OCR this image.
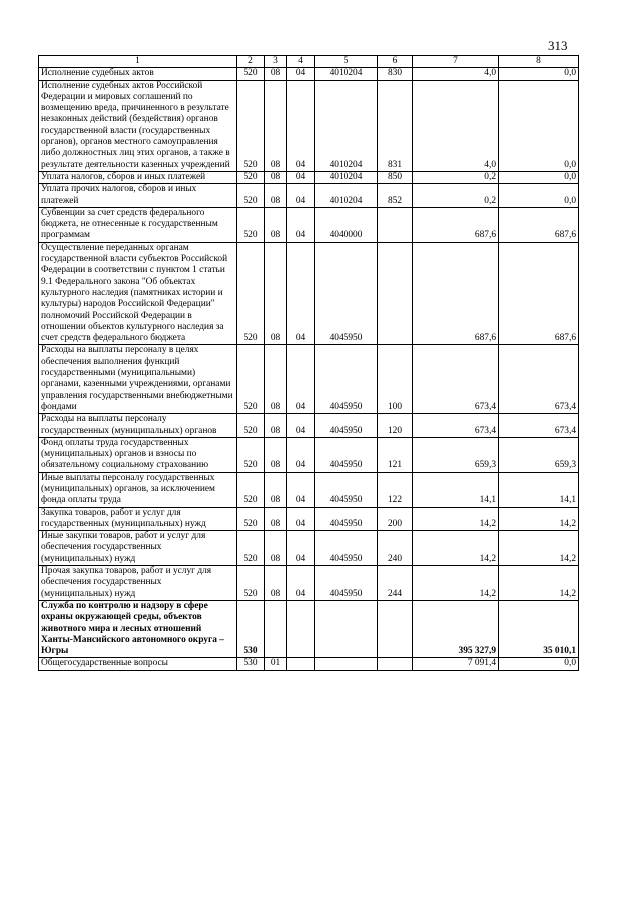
313
1	2	3	4	5	6	7	8
Исполнение судебных актов	520	08	04	4010204	830	4,0	0,0
Исполнение судебных актов Российской Федерации и мировых соглашений по возмещению вреда, причиненного в результате незаконных действий (бездействия) органов государственной власти (государственных органов), органов местного самоуправления либо должностных лиц этих органов, а также в результате деятельности казенных учреждений	520	08	04	4010204	831	4,0	0,0
Уплата налогов, сборов и иных платежей	520	08	04	4010204	850	0,2	0,0
Уплата прочих налогов, сборов и иных платежей	520	08	04	4010204	852	0,2	0,0
Субвенции за счет средств федерального бюджета, не отнесенные к государственным программам	520	08	04	4040000		687,6	687,6
Осуществление переданных органам государственной власти субъектов Российской Федерации в соответствии с пунктом 1 статьи 9.1 Федерального закона "Об объектах культурного наследия (памятниках истории и культуры) народов Российской Федерации" полномочий Российской Федерации в отношении объектов культурного наследия за счет средств федерального бюджета	520	08	04	4045950		687,6	687,6
Расходы на выплаты персоналу в целях обеспечения выполнения функций государственными (муниципальными) органами, казенными учреждениями, органами управления государственными внебюджетными фондами	520	08	04	4045950	100	673,4	673,4
Расходы на выплаты персоналу государственных (муниципальных) органов	520	08	04	4045950	120	673,4	673,4
Фонд оплаты труда государственных (муниципальных) органов и взносы по обязательному социальному страхованию	520	08	04	4045950	121	659,3	659,3
Иные выплаты персоналу государственных (муниципальных) органов, за исключением фонда оплаты труда	520	08	04	4045950	122	14,1	14,1
Закупка товаров, работ и услуг для государственных (муниципальных) нужд	520	08	04	4045950	200	14,2	14,2
Иные закупки товаров, работ и услуг для обеспечения государственных (муниципальных) нужд	520	08	04	4045950	240	14,2	14,2
Прочая закупка товаров, работ и услуг для обеспечения государственных (муниципальных) нужд	520	08	04	4045950	244	14,2	14,2
Служба по контролю и надзору в сфере охраны окружающей среды, объектов животного мира и лесных отношений Ханты-Мансийского автономного округа – Югры	530					395 327,9	35 010,1
Общегосударственные вопросы	530	01				7 091,4	0,0
